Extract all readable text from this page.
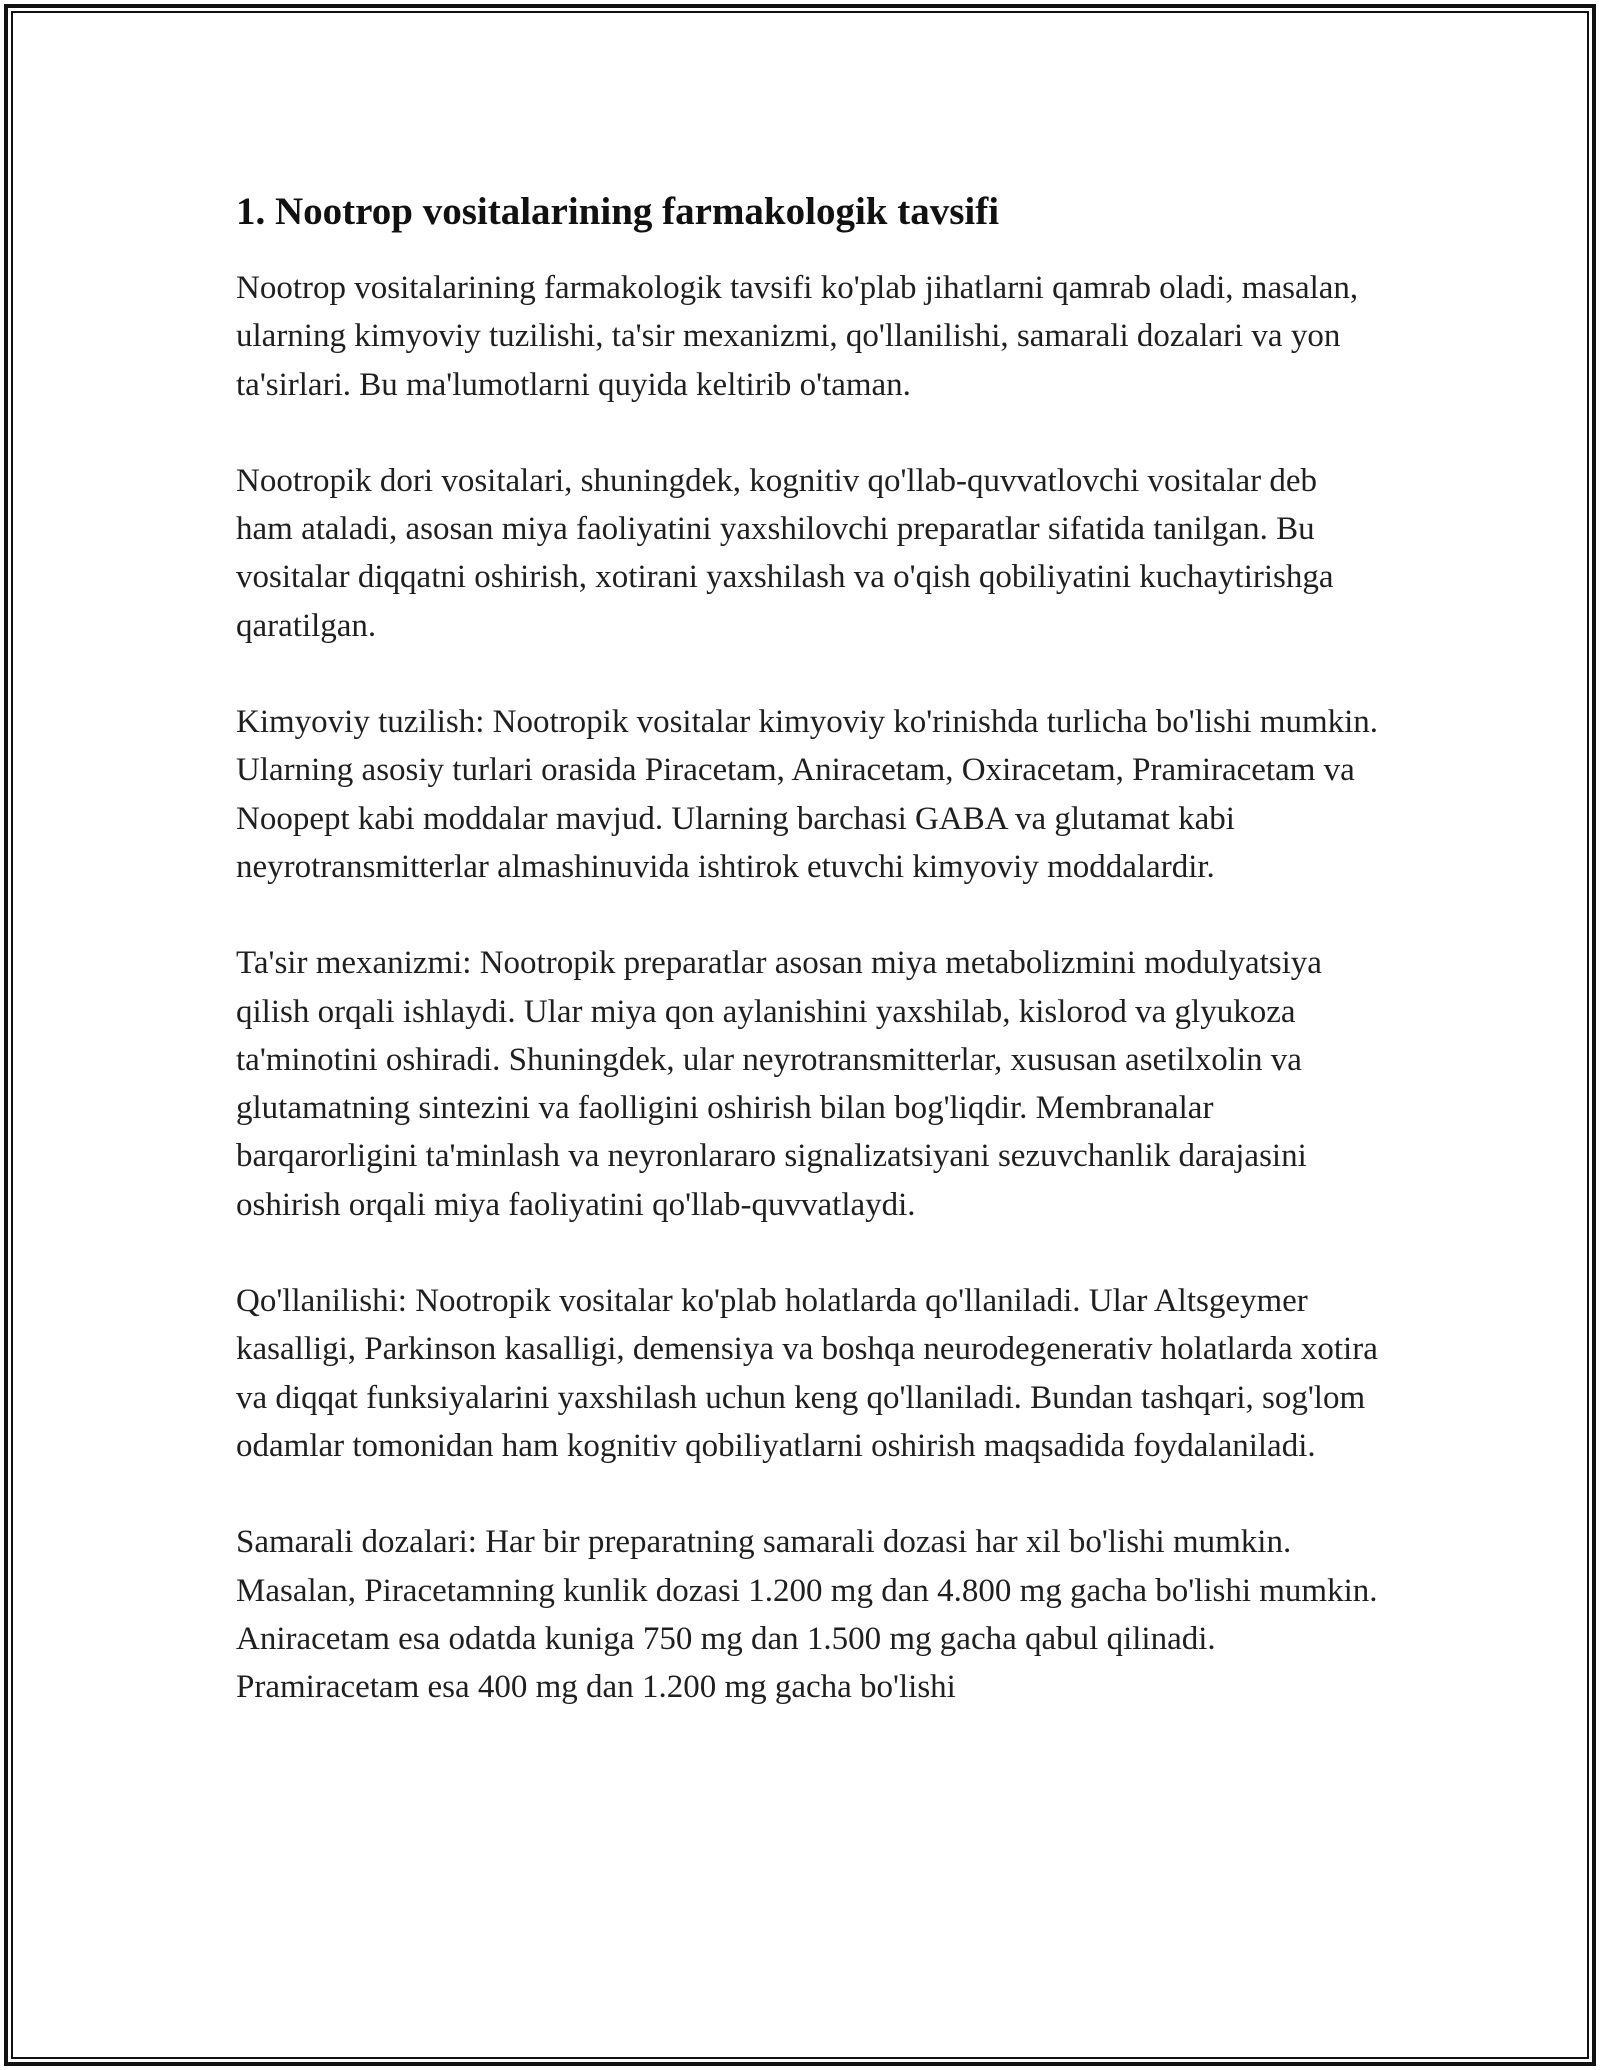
1. Nootrop vositalarining farmakologik tavsifi

Nootrop vositalarining farmakologik tavsifi ko'plab jihatlarni qamrab oladi, masalan, ularning kimyoviy tuzilishi, ta'sir mexanizmi, qo'llanilishi, samarali dozalari va yon ta'sirlari. Bu ma'lumotlarni quyida keltirib o'taman.

Nootropik dori vositalari, shuningdek, kognitiv qo'llab-quvvatlovchi vositalar deb ham ataladi, asosan miya faoliyatini yaxshilovchi preparatlar sifatida tanilgan. Bu vositalar diqqatni oshirish, xotirani yaxshilash va o'qish qobiliyatini kuchaytirishga qaratilgan.

Kimyoviy tuzilish: Nootropik vositalar kimyoviy ko'rinishda turlicha bo'lishi mumkin. Ularning asosiy turlari orasida Piracetam, Aniracetam, Oxiracetam, Pramiracetam va Noopept kabi moddalar mavjud. Ularning barchasi GABA va glutamat kabi neyrotransmitterlar almashinuvida ishtirok etuvchi kimyoviy moddalardir.

Ta'sir mexanizmi: Nootropik preparatlar asosan miya metabolizmini modulyatsiya qilish orqali ishlaydi. Ular miya qon aylanishini yaxshilab, kislorod va glyukoza ta'minotini oshiradi. Shuningdek, ular neyrotransmitterlar, xususan asetilxolin va glutamatning sintezini va faolligini oshirish bilan bog'liqdir. Membranalar barqarorligini ta'minlash va neyronlararo signalizatsiyani sezuvchanlik darajasini oshirish orqali miya faoliyatini qo'llab-quvvatlaydi.

Qo'llanilishi: Nootropik vositalar ko'plab holatlarda qo'llaniladi. Ular Altsgeymer kasalligi, Parkinson kasalligi, demensiya va boshqa neurodegenerativ holatlarda xotira va diqqat funksiyalarini yaxshilash uchun keng qo'llaniladi. Bundan tashqari, sog'lom odamlar tomonidan ham kognitiv qobiliyatlarni oshirish maqsadida foydalaniladi.

Samarali dozalari: Har bir preparatning samarali dozasi har xil bo'lishi mumkin. Masalan, Piracetamning kunlik dozasi 1.200 mg dan 4.800 mg gacha bo'lishi mumkin. Aniracetam esa odatda kuniga 750 mg dan 1.500 mg gacha qabul qilinadi. Pramiracetam esa 400 mg dan 1.200 mg gacha bo'lishi
